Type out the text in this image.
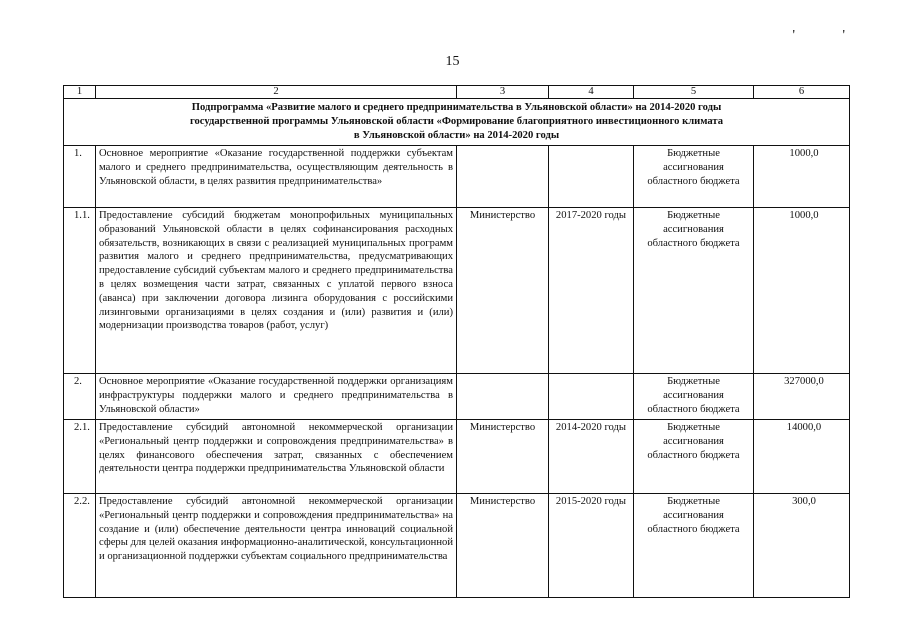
' '
15
1	2	3	4	5	6

Подпрограмма «Развитие малого и среднего предпринимательства в Ульяновской области» на 2014-2020 годы
государственной программы Ульяновской области «Формирование благоприятного инвестиционного климата
в Ульяновской области» на 2014-2020 годы					

1.	Основное мероприятие «Оказание государственной поддержки субъектам малого и среднего предпринимательства, осуществляющим деятельность в Ульяновской области, в целях развития предпринимательства»			Бюджетные ассигнования областного бюджета	1000,0
1.1.	Предоставление субсидий бюджетам монопрофильных муниципальных образований Ульяновской области в целях софинансирования расходных обязательств, возникающих в связи с реализацией муниципальных программ развития малого и среднего предпринимательства, предусматривающих предоставление субсидий субъектам малого и среднего предпринимательства в целях возмещения части затрат, связанных с уплатой первого взноса (аванса) при заключении договора лизинга оборудования с российскими лизинговыми организациями в целях создания и (или) развития и (или) модернизации производства товаров (работ, услуг)	Министерство	2017-2020 годы	Бюджетные ассигнования областного бюджета	1000,0
2.	Основное мероприятие «Оказание государственной поддержки организациям инфраструктуры поддержки малого и среднего предпринимательства в Ульяновской области»			Бюджетные ассигнования областного бюджета	327000,0
2.1.	Предоставление субсидий автономной некоммерческой организации «Региональный центр поддержки и сопровождения предпринимательства» в целях финансового обеспечения затрат, связанных с обеспечением деятельности центра поддержки предпринимательства Ульяновской области	Министерство	2014-2020 годы	Бюджетные ассигнования областного бюджета	14000,0
2.2.	Предоставление субсидий автономной некоммерческой организации «Региональный центр поддержки и сопровождения предпринимательства» на создание и (или) обеспечение деятельности центра инноваций социальной сферы для целей оказания информационно-аналитической, консультационной и организационной поддержки субъектам социального предпринимательства	Министерство	2015-2020 годы	Бюджетные ассигнования областного бюджета	300,0
